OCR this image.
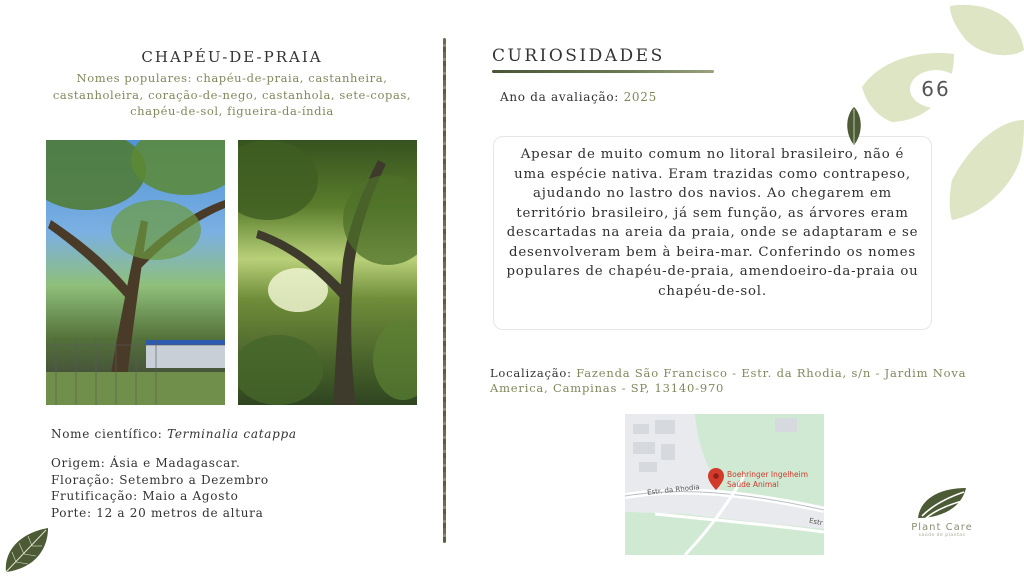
CHAPÉU-DE-PRAIA
Nomes populares: chapéu-de-praia, castanheira, castanholeira, coração-de-nego, castanhola, sete-copas, chapéu-de-sol, figueira-da-índia
Nome científico: Terminalia catappa
Origem: Ásia e Madagascar.
Floração: Setembro a Dezembro
Frutificação: Maio a Agosto
Porte: 12 a 20 metros de altura
CURIOSIDADES
Ano da avaliação: 2025	66
Apesar de muito comum no litoral brasileiro, não é uma espécie nativa. Eram trazidas como contrapeso, ajudando no lastro dos navios. Ao chegarem em território brasileiro, já sem função, as árvores eram descartadas na areia da praia, onde se adaptaram e se desenvolveram bem à beira-mar. Conferindo os nomes populares de chapéu-de-praia, amendoeiro-da-praia ou chapéu-de-sol.
Localização: Fazenda São Francisco - Estr. da Rhodia, s/n - Jardim Nova America, Campinas - SP, 13140-970
Boehringer Ingelheim
Saúde Animal
Estr. da Rhodia
Estr	Plant Care
saúde de plantas
